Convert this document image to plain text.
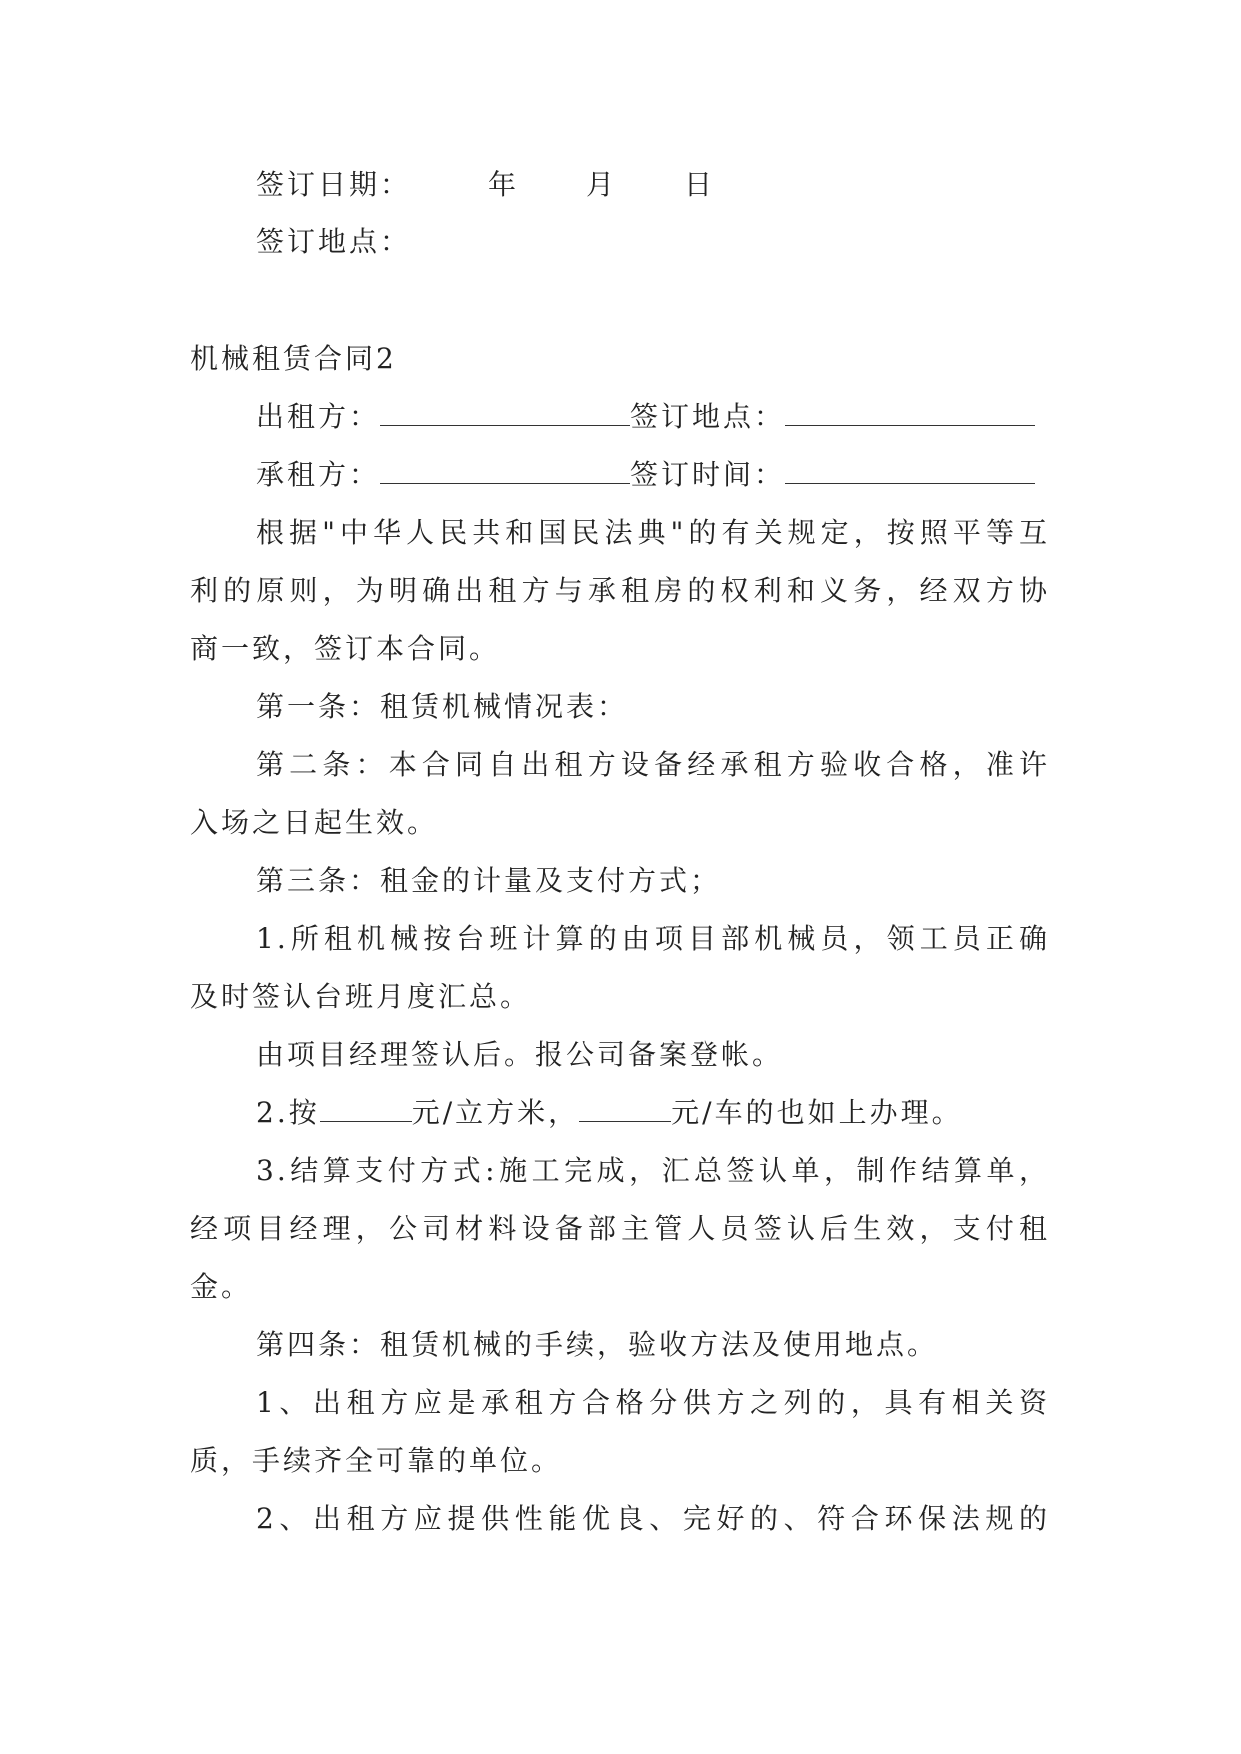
签订日期：	年 月 日
签订地点：
机械租赁合同2
出租方：	签订地点：
承租方：	签订时间：
根据"中华人民共和国民法典"的有关规定，按照平等互
利的原则，为明确出租方与承租房的权利和义务，经双方协
商一致，签订本合同。
第一条：租赁机械情况表：
第二条：本合同自出租方设备经承租方验收合格，准许
入场之日起生效。
第三条：租金的计量及支付方式；
1.所租机械按台班计算的由项目部机械员，领工员正确
及时签认台班月度汇总。
由项目经理签认后。报公司备案登帐。
2.按	元/立方米，	元/车的也如上办理。
3.结算支付方式:施工完成，汇总签认单，制作结算单，
经项目经理，公司材料设备部主管人员签认后生效，支付租
金。
第四条：租赁机械的手续，验收方法及使用地点。
1、出租方应是承租方合格分供方之列的，具有相关资
质，手续齐全可靠的单位。
2、出租方应提供性能优良、完好的、符合环保法规的
